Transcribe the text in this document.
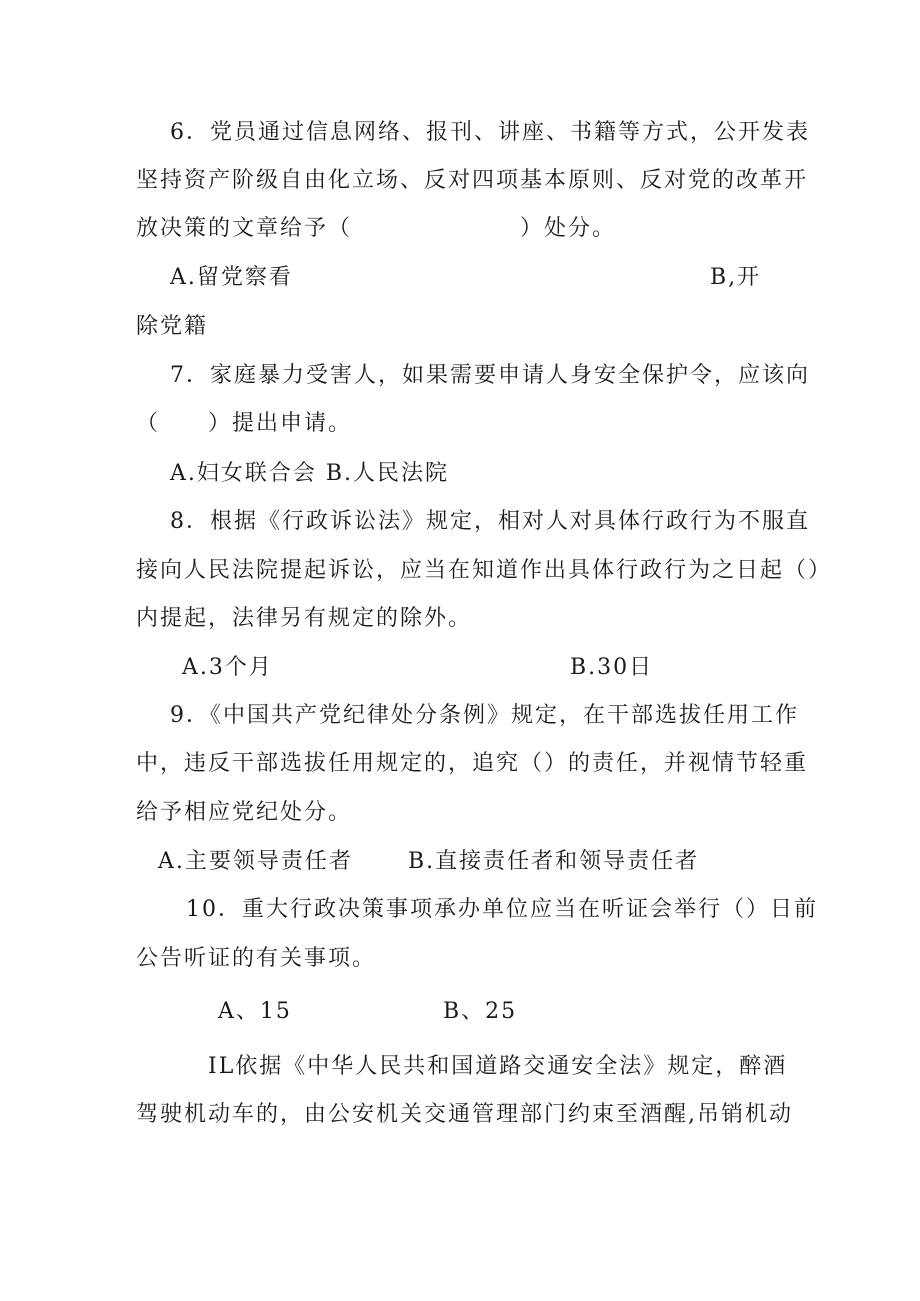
6．党员通过信息网络、报刊、讲座、书籍等方式，公开发表
坚持资产阶级自由化立场、反对四项基本原则、反对党的改革开
放决策的文章给予（　　　　　　　）处分。
A.留党察看	B,开
除党籍
7．家庭暴力受害人，如果需要申请人身安全保护令，应该向
（　　）提出申请。
A.妇女联合会 B.人民法院
8．根据《行政诉讼法》规定，相对人对具体行政行为不服直
接向人民法院提起诉讼，应当在知道作出具体行政行为之日起（）
内提起，法律另有规定的除外。
A.3个月	B.30日
9．《中国共产党纪律处分条例》规定，在干部选拔任用工作
中，违反干部选拔任用规定的，追究（）的责任，并视情节轻重
给予相应党纪处分。
A.主要领导责任者	B.直接责任者和领导责任者
10．重大行政决策事项承办单位应当在听证会举行（）日前
公告听证的有关事项。
A、15	B、25
IL依据《中华人民共和国道路交通安全法》规定，醉酒
驾驶机动车的，由公安机关交通管理部门约束至酒醒,吊销机动
